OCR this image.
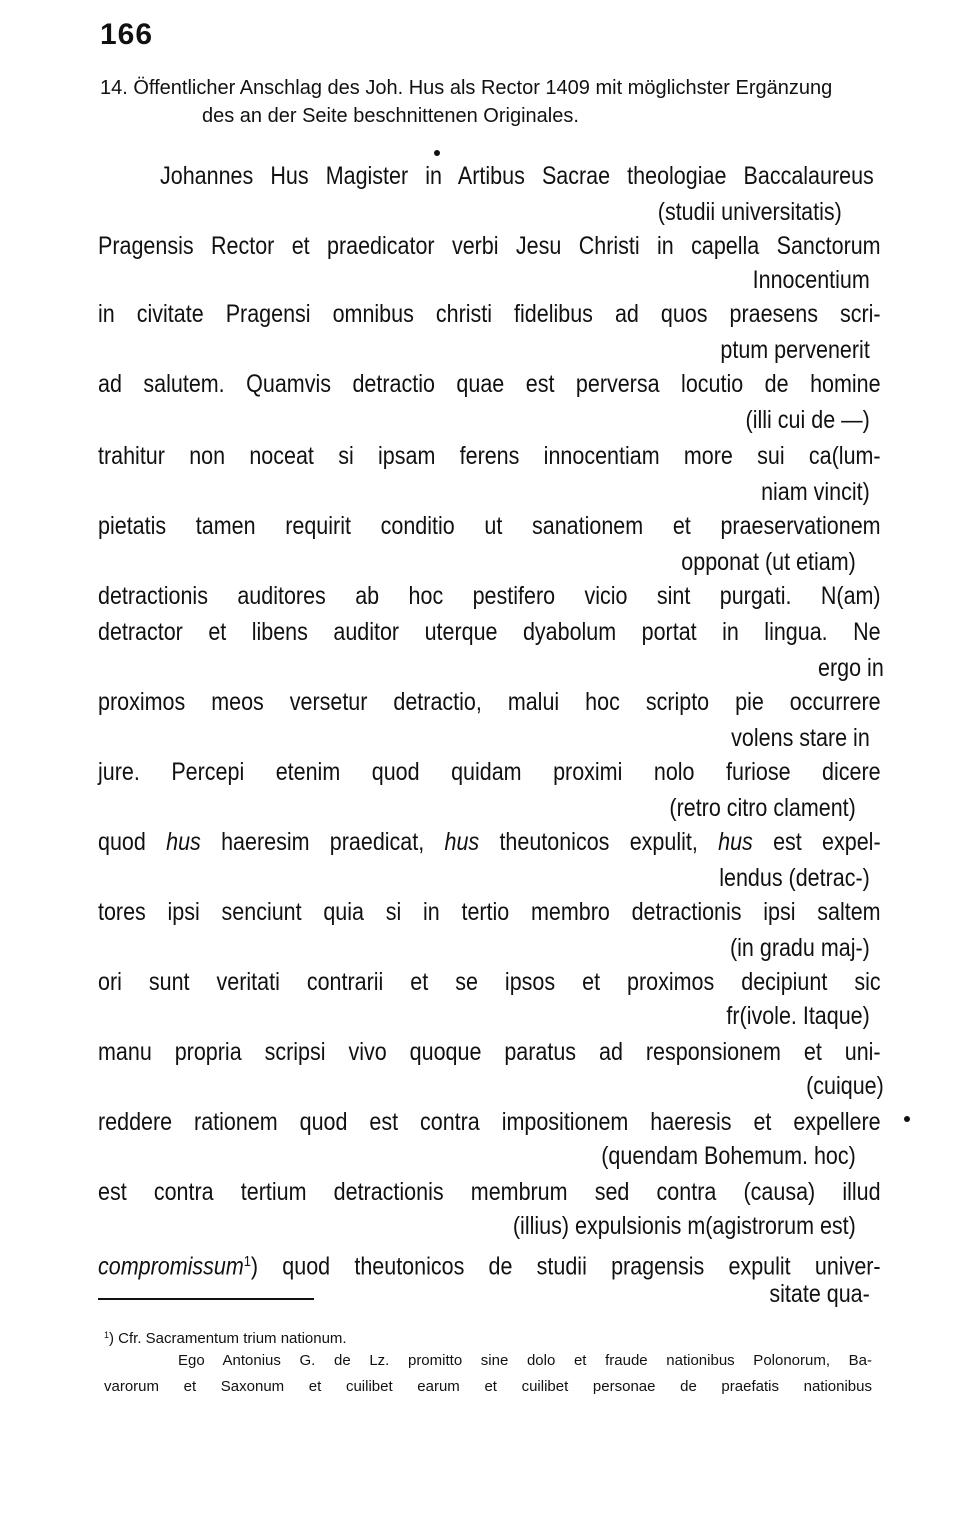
166
14. Öffentlicher Anschlag des Joh. Hus als Rector 1409 mit möglichster Ergänzung
des an der Seite beschnittenen Originales.
Johannes Hus Magister in Artibus Sacrae theologiae Baccalaureus
(studii universitatis)
Pragensis Rector et praedicator verbi Jesu Christi in capella Sanctorum
Innocentium
in civitate Pragensi omnibus christi fidelibus ad quos praesens scri-
ptum pervenerit
ad salutem. Quamvis detractio quae est perversa locutio de homine
(illi cui de —)
trahitur non noceat si ipsam ferens innocentiam more sui ca(lum-
niam vincit)
pietatis tamen requirit conditio ut sanationem et praeservationem
opponat (ut etiam)
detractionis auditores ab hoc pestifero vicio sint purgati. N(am)
detractor et libens auditor uterque dyabolum portat in lingua. Ne
ergo in
proximos meos versetur detractio, malui hoc scripto pie occurrere
volens stare in
jure. Percepi etenim quod quidam proximi nolo furiose dicere
(retro citro clament)
quod hus haeresim praedicat, hus theutonicos expulit, hus est expel-
lendus (detrac-)
tores ipsi senciunt quia si in tertio membro detractionis ipsi saltem
(in gradu maj-)
ori sunt veritati contrarii et se ipsos et proximos decipiunt sic
fr(ivole. Itaque)
manu propria scripsi vivo quoque paratus ad responsionem et uni-
(cuique)
reddere rationem quod est contra impositionem haeresis et expellere
(quendam Bohemum. hoc)
est contra tertium detractionis membrum sed contra (causa) illud
(illius) expulsionis m(agistrorum est)
compromissum$^1$) quod theutonicos de studii pragensis expulit univer-
sitate qua-
$^1$) Cfr. Sacramentum trium nationum.
Ego Antonius G. de Lz. promitto sine dolo et fraude nationibus Polonorum, Ba-
varorum et Saxonum et cuilibet earum et cuilibet personae de praefatis nationibus
